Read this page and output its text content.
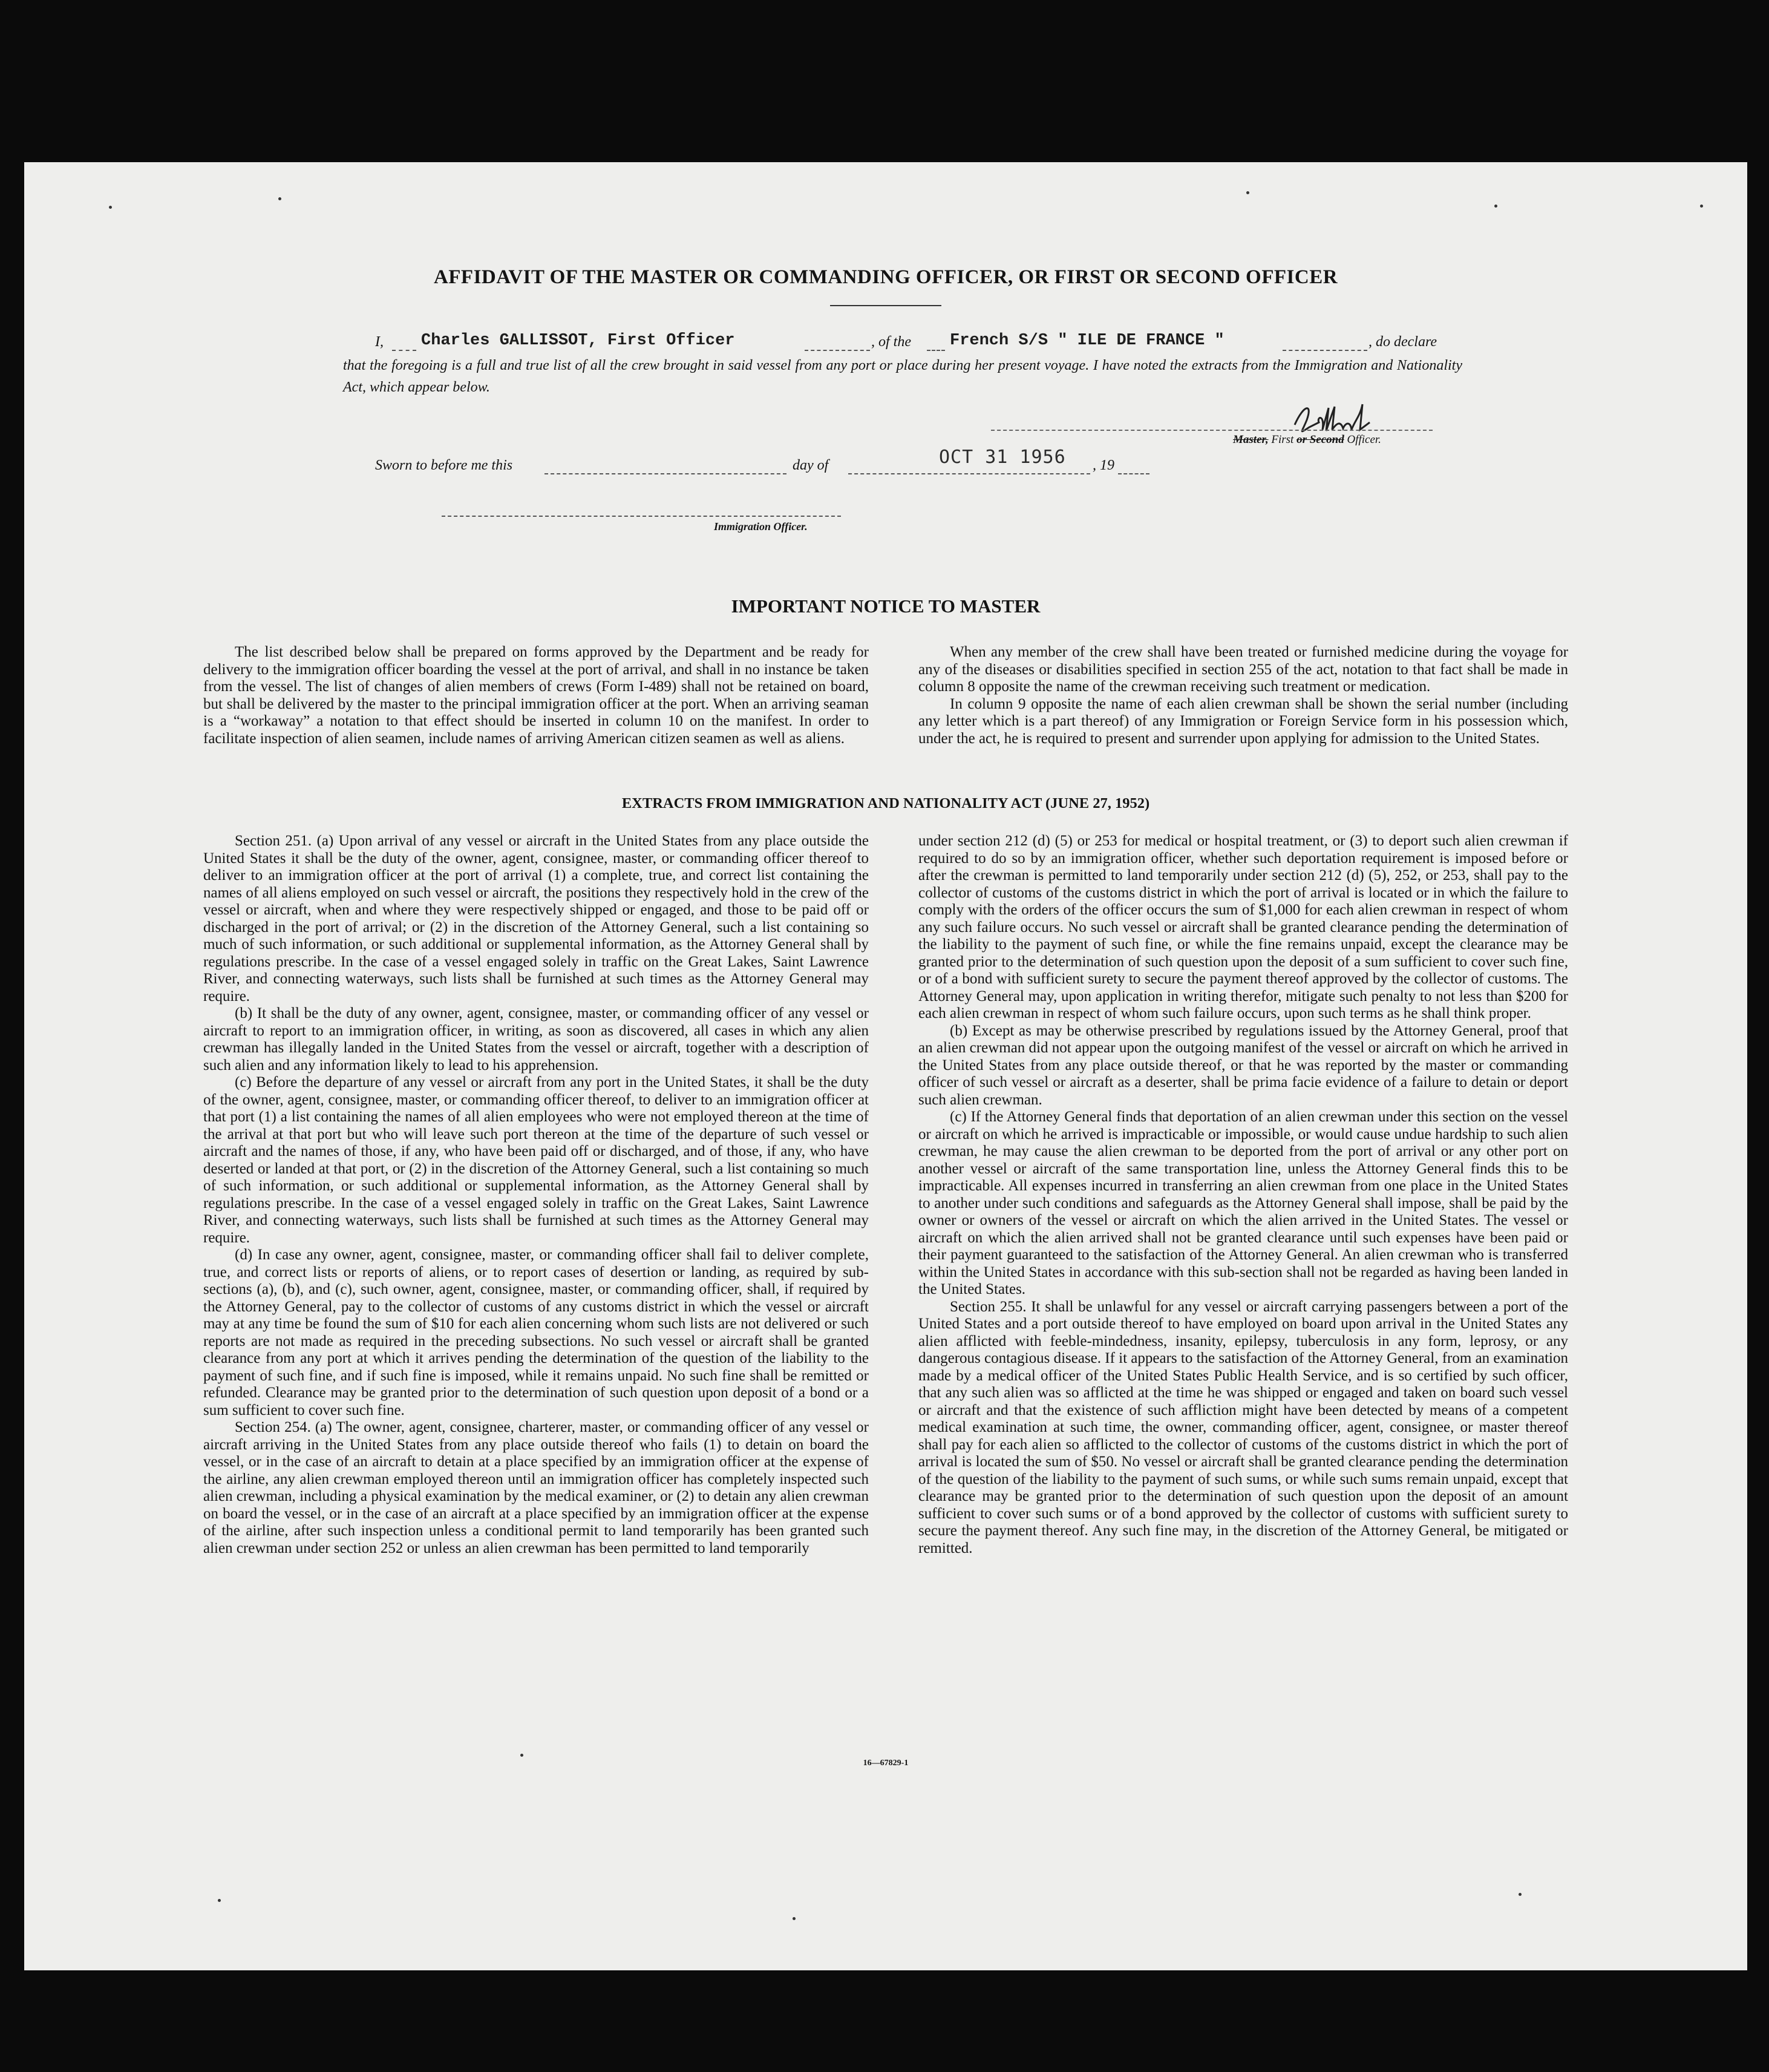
AFFIDAVIT OF THE MASTER OR COMMANDING OFFICER, OR FIRST OR SECOND OFFICER
I, Charles GALLISSOT, First Officer	, of the French S/S " ILE DE FRANCE "	, do declare
that the foregoing is a full and true list of all the crew brought in said vessel from any port or place during her present voyage. I have noted the extracts from the Immigration and Nationality Act, which appear below.
Master, First or Second Officer.
Sworn to before me this	day of	OCT 31 1956 , 19
Immigration Officer.
IMPORTANT NOTICE TO MASTER

The list described below shall be prepared on forms approved by the Department and be ready for delivery to the immigration officer boarding the vessel at the port of arrival, and shall in no instance be taken from the vessel. The list of changes of alien members of crews (Form I-489) shall not be retained on board, but shall be delivered by the master to the principal immigration officer at the port. When an arriving seaman is a “workaway” a notation to that effect should be inserted in column 10 on the manifest. In order to facilitate inspection of alien seamen, include names of arriving American citizen seamen as well as aliens.

When any member of the crew shall have been treated or furnished medicine during the voyage for any of the diseases or disabilities specified in section 255 of the act, notation to that fact shall be made in column 8 opposite the name of the crewman receiving such treatment or medication.

In column 9 opposite the name of each alien crewman shall be shown the serial number (including any letter which is a part thereof) of any Immigration or Foreign Service form in his possession which, under the act, he is required to present and surrender upon applying for admission to the United States.

EXTRACTS FROM IMMIGRATION AND NATIONALITY ACT (JUNE 27, 1952)

Section 251. (a) Upon arrival of any vessel or aircraft in the United States from any place outside the United States it shall be the duty of the owner, agent, consignee, master, or commanding officer thereof to deliver to an immigration officer at the port of arrival (1) a complete, true, and correct list containing the names of all aliens employed on such vessel or aircraft, the positions they respectively hold in the crew of the vessel or aircraft, when and where they were respectively shipped or engaged, and those to be paid off or discharged in the port of arrival; or (2) in the discretion of the Attorney General, such a list containing so much of such information, or such additional or supplemental information, as the Attorney General shall by regulations prescribe. In the case of a vessel engaged solely in traffic on the Great Lakes, Saint Lawrence River, and connecting waterways, such lists shall be furnished at such times as the Attorney General may require.

(b) It shall be the duty of any owner, agent, consignee, master, or commanding officer of any vessel or aircraft to report to an immigration officer, in writing, as soon as discovered, all cases in which any alien crewman has illegally landed in the United States from the vessel or aircraft, together with a description of such alien and any information likely to lead to his apprehension.

(c) Before the departure of any vessel or aircraft from any port in the United States, it shall be the duty of the owner, agent, consignee, master, or commanding officer thereof, to deliver to an immigration officer at that port (1) a list containing the names of all alien employees who were not employed thereon at the time of the arrival at that port but who will leave such port thereon at the time of the departure of such vessel or aircraft and the names of those, if any, who have been paid off or discharged, and of those, if any, who have deserted or landed at that port, or (2) in the discretion of the Attorney General, such a list containing so much of such information, or such additional or supplemental information, as the Attorney General shall by regulations prescribe. In the case of a vessel engaged solely in traffic on the Great Lakes, Saint Lawrence River, and connecting waterways, such lists shall be furnished at such times as the Attorney General may require.

(d) In case any owner, agent, consignee, master, or commanding officer shall fail to deliver complete, true, and correct lists or reports of aliens, or to report cases of desertion or landing, as required by sub-sections (a), (b), and (c), such owner, agent, consignee, master, or commanding officer, shall, if required by the Attorney General, pay to the collector of customs of any customs district in which the vessel or aircraft may at any time be found the sum of $10 for each alien concerning whom such lists are not delivered or such reports are not made as required in the preceding subsections. No such vessel or aircraft shall be granted clearance from any port at which it arrives pending the determination of the question of the liability to the payment of such fine, and if such fine is imposed, while it remains unpaid. No such fine shall be remitted or refunded. Clearance may be granted prior to the determination of such question upon deposit of a bond or a sum sufficient to cover such fine.

Section 254. (a) The owner, agent, consignee, charterer, master, or commanding officer of any vessel or aircraft arriving in the United States from any place outside thereof who fails (1) to detain on board the vessel, or in the case of an aircraft to detain at a place specified by an immigration officer at the expense of the airline, any alien crewman employed thereon until an immigration officer has completely inspected such alien crewman, including a physical examination by the medical examiner, or (2) to detain any alien crewman on board the vessel, or in the case of an aircraft at a place specified by an immigration officer at the expense of the airline, after such inspection unless a conditional permit to land temporarily has been granted such alien crewman under section 252 or unless an alien crewman has been permitted to land temporarily

under section 212 (d) (5) or 253 for medical or hospital treatment, or (3) to deport such alien crewman if required to do so by an immigration officer, whether such deportation requirement is imposed before or after the crewman is permitted to land temporarily under section 212 (d) (5), 252, or 253, shall pay to the collector of customs of the customs district in which the port of arrival is located or in which the failure to comply with the orders of the officer occurs the sum of $1,000 for each alien crewman in respect of whom any such failure occurs. No such vessel or aircraft shall be granted clearance pending the determination of the liability to the payment of such fine, or while the fine remains unpaid, except the clearance may be granted prior to the determination of such question upon the deposit of a sum sufficient to cover such fine, or of a bond with sufficient surety to secure the payment thereof approved by the collector of customs. The Attorney General may, upon application in writing therefor, mitigate such penalty to not less than $200 for each alien crewman in respect of whom such failure occurs, upon such terms as he shall think proper.

(b) Except as may be otherwise prescribed by regulations issued by the Attorney General, proof that an alien crewman did not appear upon the outgoing manifest of the vessel or aircraft on which he arrived in the United States from any place outside thereof, or that he was reported by the master or commanding officer of such vessel or aircraft as a deserter, shall be prima facie evidence of a failure to detain or deport such alien crewman.

(c) If the Attorney General finds that deportation of an alien crewman under this section on the vessel or aircraft on which he arrived is impracticable or impossible, or would cause undue hardship to such alien crewman, he may cause the alien crewman to be deported from the port of arrival or any other port on another vessel or aircraft of the same transportation line, unless the Attorney General finds this to be impracticable. All expenses incurred in transferring an alien crewman from one place in the United States to another under such conditions and safeguards as the Attorney General shall impose, shall be paid by the owner or owners of the vessel or aircraft on which the alien arrived in the United States. The vessel or aircraft on which the alien arrived shall not be granted clearance until such expenses have been paid or their payment guaranteed to the satisfaction of the Attorney General. An alien crewman who is transferred within the United States in accordance with this sub-section shall not be regarded as having been landed in the United States.

Section 255. It shall be unlawful for any vessel or aircraft carrying passengers between a port of the United States and a port outside thereof to have employed on board upon arrival in the United States any alien afflicted with feeble-mindedness, insanity, epilepsy, tuberculosis in any form, leprosy, or any dangerous contagious disease. If it appears to the satisfaction of the Attorney General, from an examination made by a medical officer of the United States Public Health Service, and is so certified by such officer, that any such alien was so afflicted at the time he was shipped or engaged and taken on board such vessel or aircraft and that the existence of such affliction might have been detected by means of a competent medical examination at such time, the owner, commanding officer, agent, consignee, or master thereof shall pay for each alien so afflicted to the collector of customs of the customs district in which the port of arrival is located the sum of $50. No vessel or aircraft shall be granted clearance pending the determination of the question of the liability to the payment of such sums, or while such sums remain unpaid, except that clearance may be granted prior to the determination of such question upon the deposit of an amount sufficient to cover such sums or of a bond approved by the collector of customs with sufficient surety to secure the payment thereof. Any such fine may, in the discretion of the Attorney General, be mitigated or remitted.

16—67829-1
